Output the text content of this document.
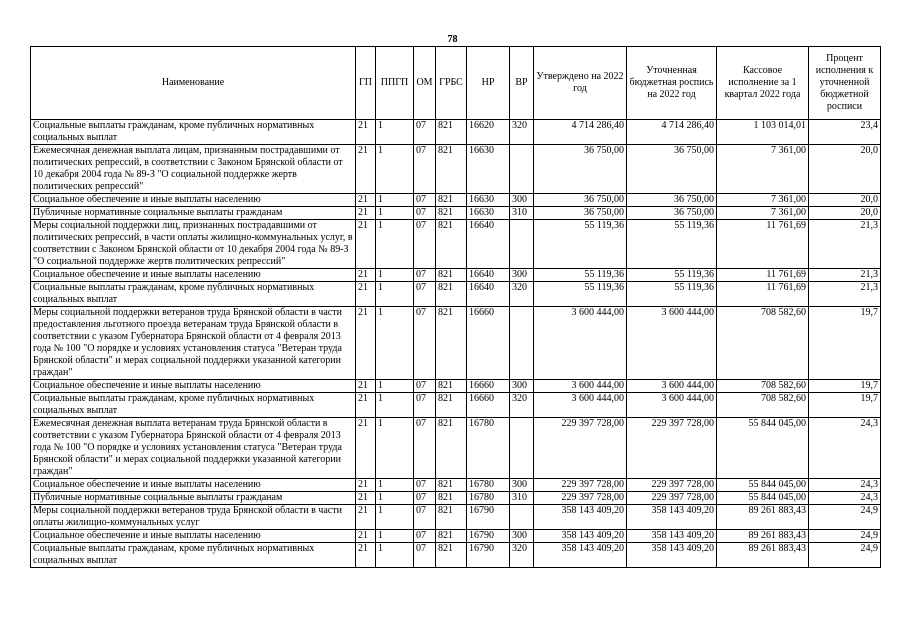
78
Наименование	ГП	ППГП	ОМ	ГРБС	НР	ВР	Утверждено на 2022 год	Уточненная бюджетная роспись на 2022 год	Кассовое исполнение за 1 квартал 2022 года	Процент исполнения к уточненной бюджетной росписи
Социальные выплаты гражданам, кроме публичных нормативных социальных выплат	21	1	07	821	16620	320	4 714 286,40	4 714 286,40	1 103 014,01	23,4
Ежемесячная денежная выплата лицам, признанным пострадавшими от политических репрессий, в соответствии с Законом Брянской области от 10 декабря 2004 года № 89-З "О социальной поддержке жертв политических репрессий"	21	1	07	821	16630		36 750,00	36 750,00	7 361,00	20,0
Социальное обеспечение и иные выплаты населению	21	1	07	821	16630	300	36 750,00	36 750,00	7 361,00	20,0
Публичные нормативные социальные выплаты гражданам	21	1	07	821	16630	310	36 750,00	36 750,00	7 361,00	20,0
Меры социальной поддержки лиц, признанных пострадавшими от политических репрессий, в части оплаты жилищно-коммунальных услуг, в соответствии с Законом Брянской области от 10 декабря 2004 года № 89-З "О социальной поддержке жертв политических репрессий"	21	1	07	821	16640		55 119,36	55 119,36	11 761,69	21,3
Социальное обеспечение и иные выплаты населению	21	1	07	821	16640	300	55 119,36	55 119,36	11 761,69	21,3
Социальные выплаты гражданам, кроме публичных нормативных социальных выплат	21	1	07	821	16640	320	55 119,36	55 119,36	11 761,69	21,3
Меры социальной поддержки ветеранов труда Брянской области в части предоставления льготного проезда ветеранам труда Брянской области в соответствии с указом Губернатора Брянской области от 4 февраля 2013 года № 100 "О порядке и условиях установления статуса "Ветеран труда Брянской области" и мерах социальной поддержки указанной категории граждан"	21	1	07	821	16660		3 600 444,00	3 600 444,00	708 582,60	19,7
Социальное обеспечение и иные выплаты населению	21	1	07	821	16660	300	3 600 444,00	3 600 444,00	708 582,60	19,7
Социальные выплаты гражданам, кроме публичных нормативных социальных выплат	21	1	07	821	16660	320	3 600 444,00	3 600 444,00	708 582,60	19,7
Ежемесячная денежная выплата ветеранам труда Брянской области в соответствии с указом Губернатора Брянской области от 4 февраля 2013 года № 100 "О порядке и условиях установления статуса "Ветеран труда Брянской области" и мерах социальной поддержки указанной категории граждан"	21	1	07	821	16780		229 397 728,00	229 397 728,00	55 844 045,00	24,3
Социальное обеспечение и иные выплаты населению	21	1	07	821	16780	300	229 397 728,00	229 397 728,00	55 844 045,00	24,3
Публичные нормативные социальные выплаты гражданам	21	1	07	821	16780	310	229 397 728,00	229 397 728,00	55 844 045,00	24,3
Меры социальной поддержки ветеранов труда Брянской области в части оплаты жилищно-коммунальных услуг	21	1	07	821	16790		358 143 409,20	358 143 409,20	89 261 883,43	24,9
Социальное обеспечение и иные выплаты населению	21	1	07	821	16790	300	358 143 409,20	358 143 409,20	89 261 883,43	24,9
Социальные выплаты гражданам, кроме публичных нормативных социальных выплат	21	1	07	821	16790	320	358 143 409,20	358 143 409,20	89 261 883,43	24,9
